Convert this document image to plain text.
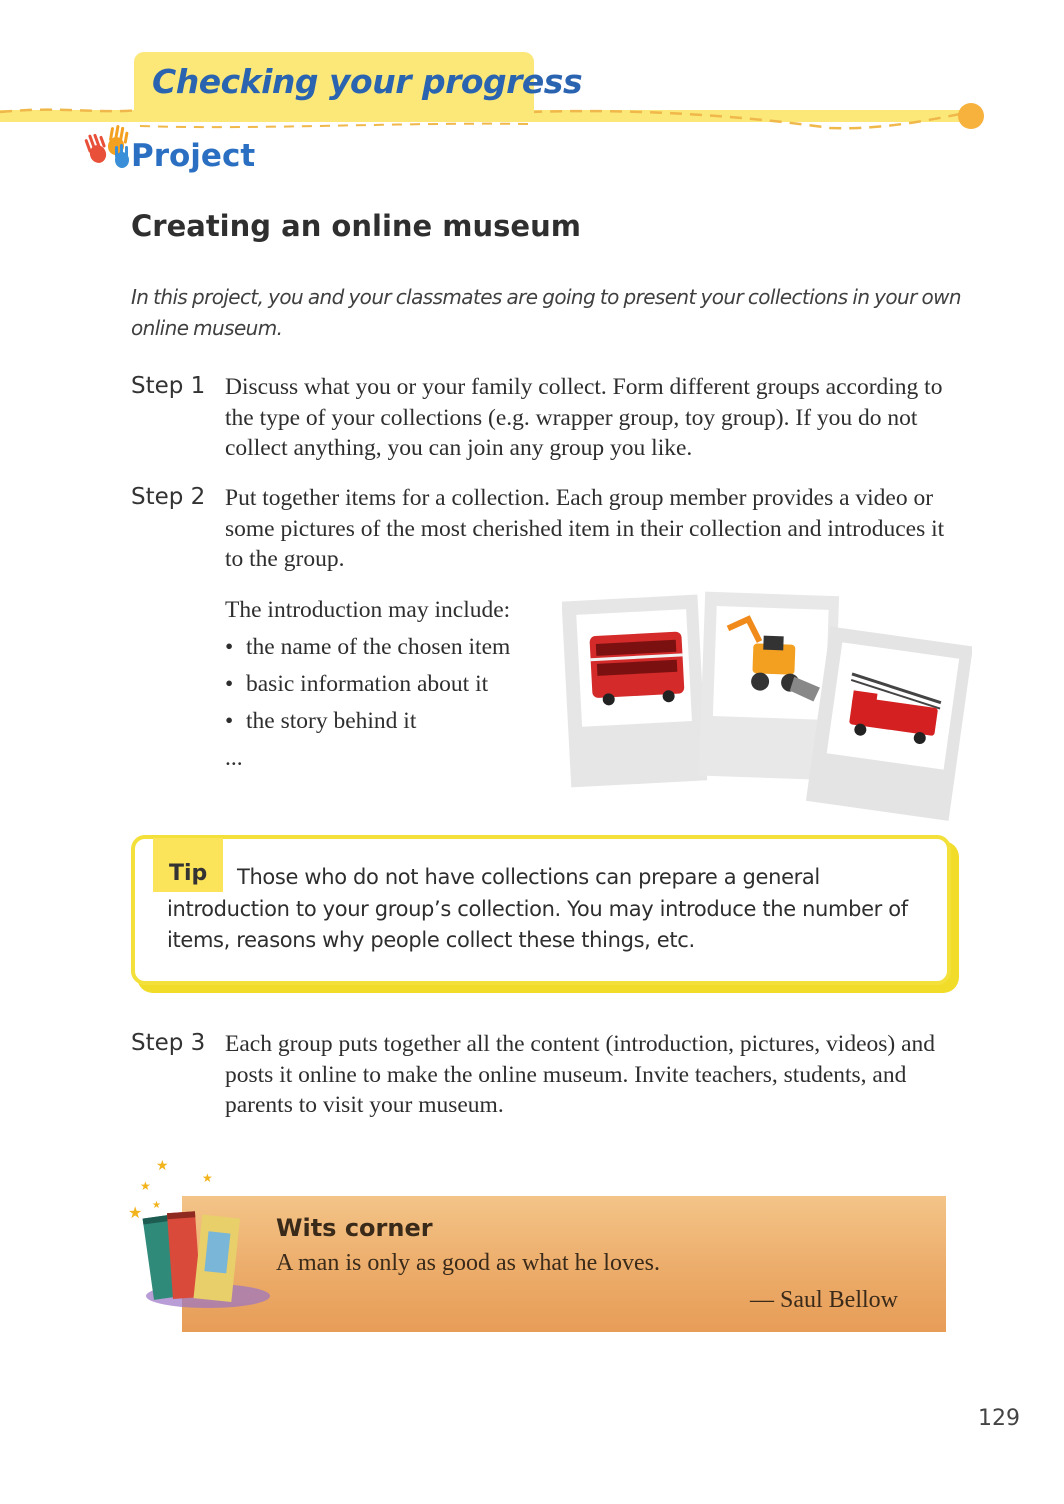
Checking your progress
Project
Creating an online museum
In this project, you and your classmates are going to present your collections in your own online museum.
Step 1 Discuss what you or your family collect. Form different groups according to the type of your collections (e.g. wrapper group, toy group). If you do not collect anything, you can join any group you like.
Step 2 Put together items for a collection. Each group member provides a video or some pictures of the most cherished item in their collection and introduces it to the group.
The introduction may include:
• the name of the chosen item
• basic information about it
• the story behind it
...
Tip	Those who do not have collections can prepare a general introduction to your group’s collection. You may introduce the number of items, reasons why people collect these things, etc.
Step 3 Each group puts together all the content (introduction, pictures, videos) and posts it online to make the online museum. Invite teachers, students, and parents to visit your museum.
★
★
★
★ ★
Wits corner
A man is only as good as what he loves.
— Saul Bellow
129
